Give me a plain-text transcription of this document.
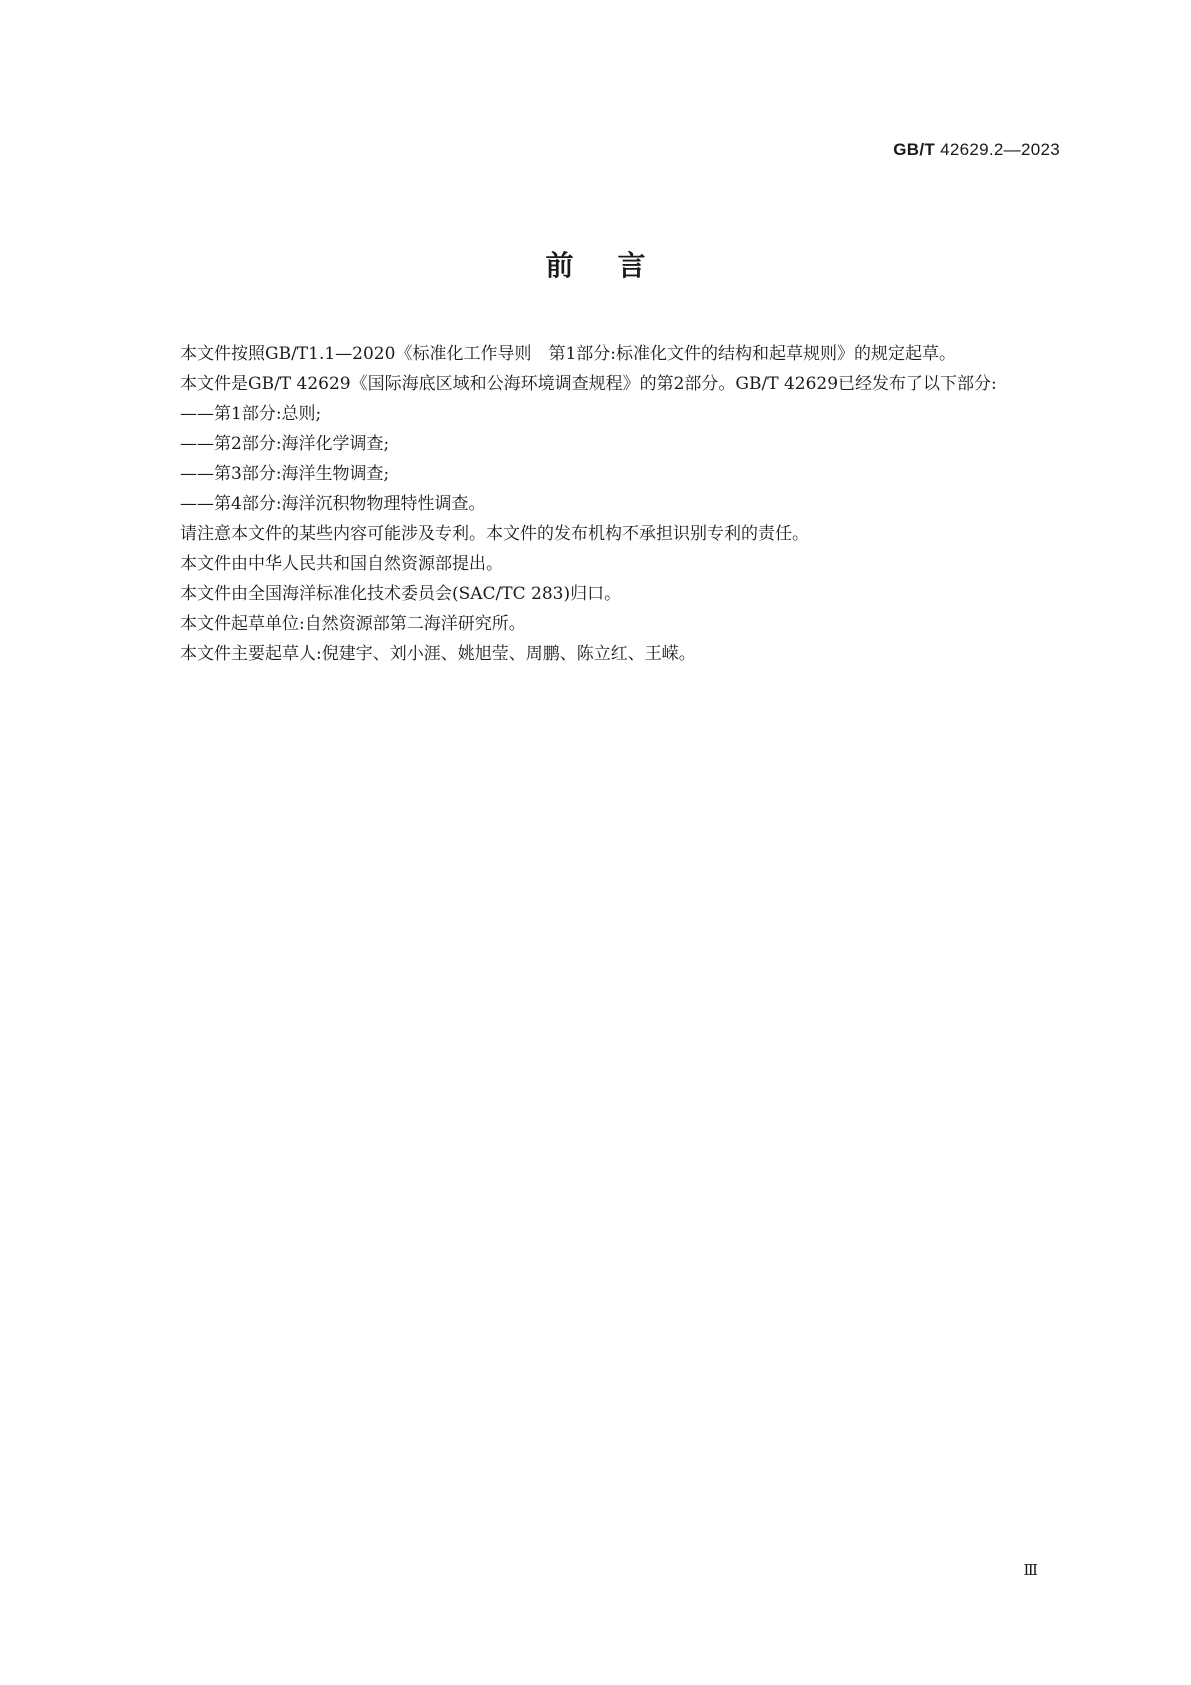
GB/T 42629.2—2023
前言

本文件按照GB/T1.1—2020《标准化工作导则　第1部分:标准化文件的结构和起草规则》的规定起草。

本文件是GB/T 42629《国际海底区域和公海环境调查规程》的第2部分。GB/T 42629已经发布了以下部分:

——第1部分:总则;

——第2部分:海洋化学调查;

——第3部分:海洋生物调查;

——第4部分:海洋沉积物物理特性调查。

请注意本文件的某些内容可能涉及专利。本文件的发布机构不承担识别专利的责任。

本文件由中华人民共和国自然资源部提出。

本文件由全国海洋标准化技术委员会(SAC/TC 283)归口。

本文件起草单位:自然资源部第二海洋研究所。

本文件主要起草人:倪建宇、刘小涯、姚旭莹、周鹏、陈立红、王嵘。

Ⅲ
